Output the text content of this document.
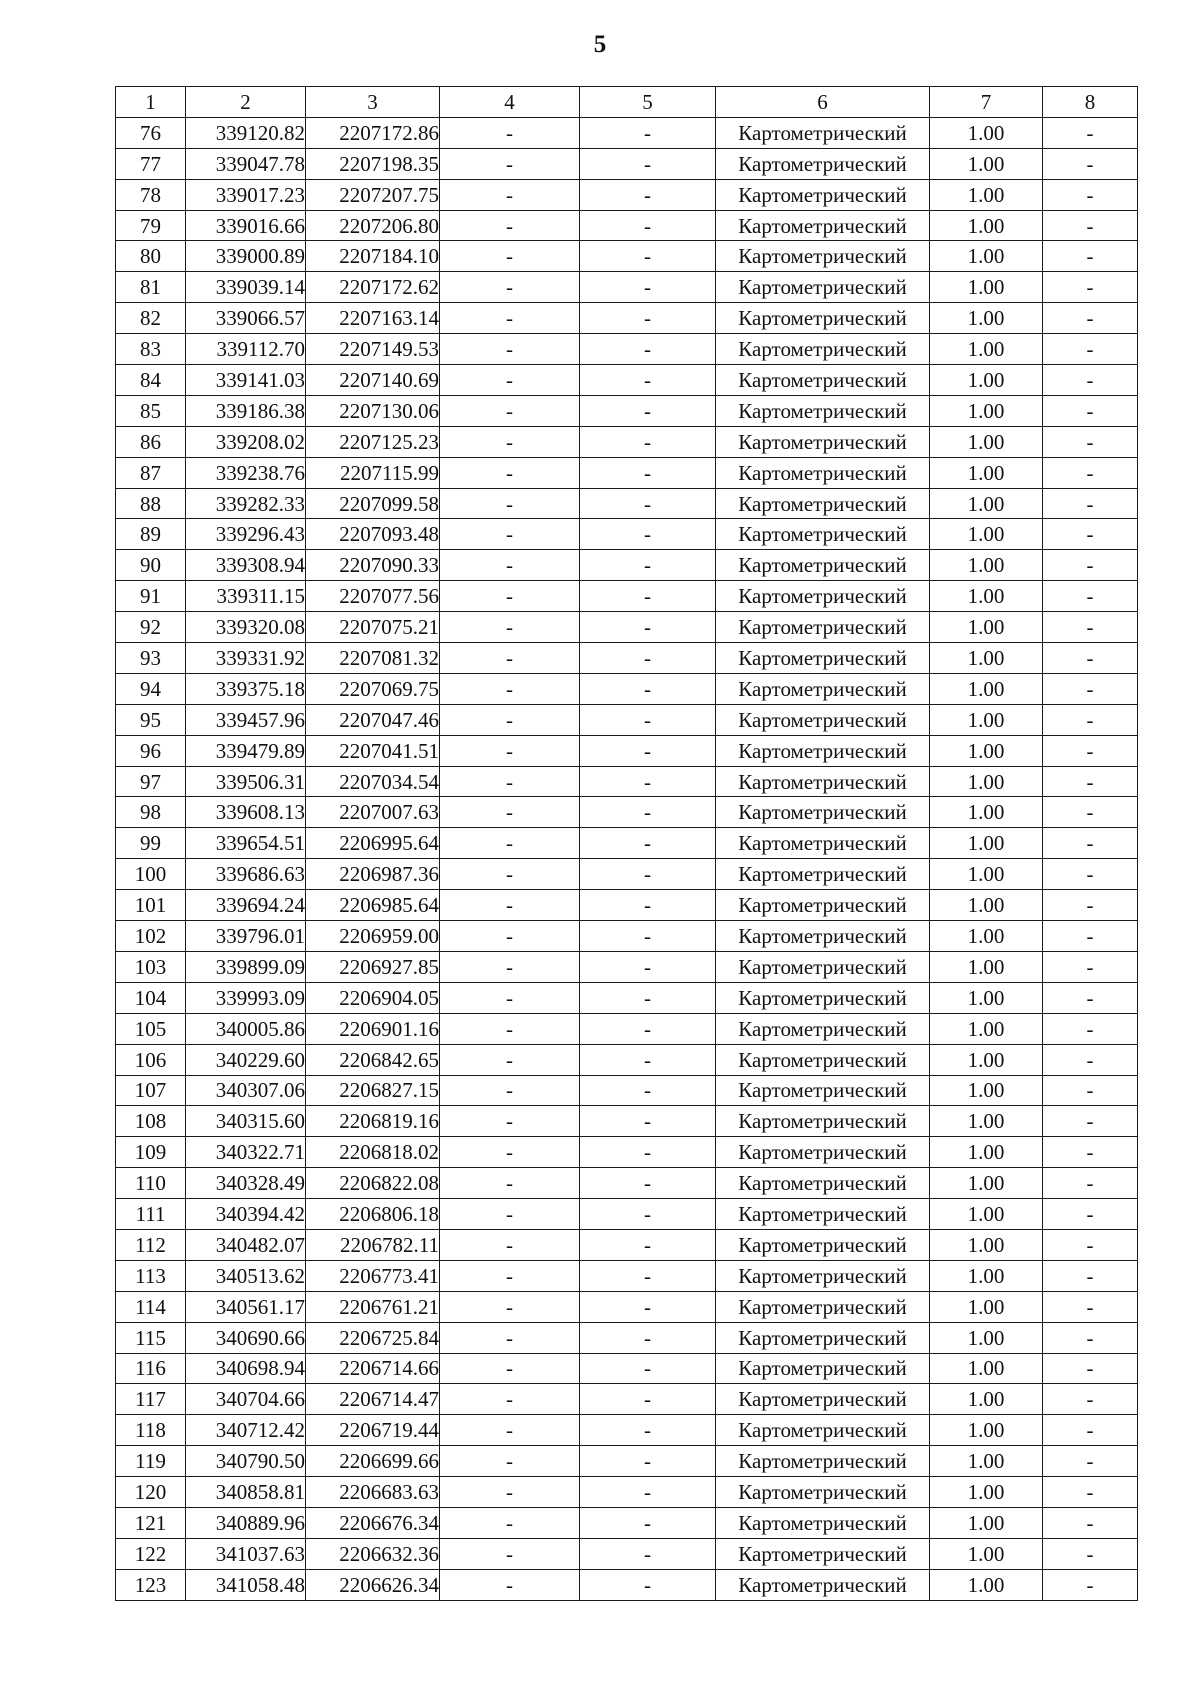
5
1	2	3	4	5	6	7	8
76	339120.82	2207172.86	-	-	Картометрический	1.00	-
77	339047.78	2207198.35	-	-	Картометрический	1.00	-
78	339017.23	2207207.75	-	-	Картометрический	1.00	-
79	339016.66	2207206.80	-	-	Картометрический	1.00	-
80	339000.89	2207184.10	-	-	Картометрический	1.00	-
81	339039.14	2207172.62	-	-	Картометрический	1.00	-
82	339066.57	2207163.14	-	-	Картометрический	1.00	-
83	339112.70	2207149.53	-	-	Картометрический	1.00	-
84	339141.03	2207140.69	-	-	Картометрический	1.00	-
85	339186.38	2207130.06	-	-	Картометрический	1.00	-
86	339208.02	2207125.23	-	-	Картометрический	1.00	-
87	339238.76	2207115.99	-	-	Картометрический	1.00	-
88	339282.33	2207099.58	-	-	Картометрический	1.00	-
89	339296.43	2207093.48	-	-	Картометрический	1.00	-
90	339308.94	2207090.33	-	-	Картометрический	1.00	-
91	339311.15	2207077.56	-	-	Картометрический	1.00	-
92	339320.08	2207075.21	-	-	Картометрический	1.00	-
93	339331.92	2207081.32	-	-	Картометрический	1.00	-
94	339375.18	2207069.75	-	-	Картометрический	1.00	-
95	339457.96	2207047.46	-	-	Картометрический	1.00	-
96	339479.89	2207041.51	-	-	Картометрический	1.00	-
97	339506.31	2207034.54	-	-	Картометрический	1.00	-
98	339608.13	2207007.63	-	-	Картометрический	1.00	-
99	339654.51	2206995.64	-	-	Картометрический	1.00	-
100	339686.63	2206987.36	-	-	Картометрический	1.00	-
101	339694.24	2206985.64	-	-	Картометрический	1.00	-
102	339796.01	2206959.00	-	-	Картометрический	1.00	-
103	339899.09	2206927.85	-	-	Картометрический	1.00	-
104	339993.09	2206904.05	-	-	Картометрический	1.00	-
105	340005.86	2206901.16	-	-	Картометрический	1.00	-
106	340229.60	2206842.65	-	-	Картометрический	1.00	-
107	340307.06	2206827.15	-	-	Картометрический	1.00	-
108	340315.60	2206819.16	-	-	Картометрический	1.00	-
109	340322.71	2206818.02	-	-	Картометрический	1.00	-
110	340328.49	2206822.08	-	-	Картометрический	1.00	-
111	340394.42	2206806.18	-	-	Картометрический	1.00	-
112	340482.07	2206782.11	-	-	Картометрический	1.00	-
113	340513.62	2206773.41	-	-	Картометрический	1.00	-
114	340561.17	2206761.21	-	-	Картометрический	1.00	-
115	340690.66	2206725.84	-	-	Картометрический	1.00	-
116	340698.94	2206714.66	-	-	Картометрический	1.00	-
117	340704.66	2206714.47	-	-	Картометрический	1.00	-
118	340712.42	2206719.44	-	-	Картометрический	1.00	-
119	340790.50	2206699.66	-	-	Картометрический	1.00	-
120	340858.81	2206683.63	-	-	Картометрический	1.00	-
121	340889.96	2206676.34	-	-	Картометрический	1.00	-
122	341037.63	2206632.36	-	-	Картометрический	1.00	-
123	341058.48	2206626.34	-	-	Картометрический	1.00	-
